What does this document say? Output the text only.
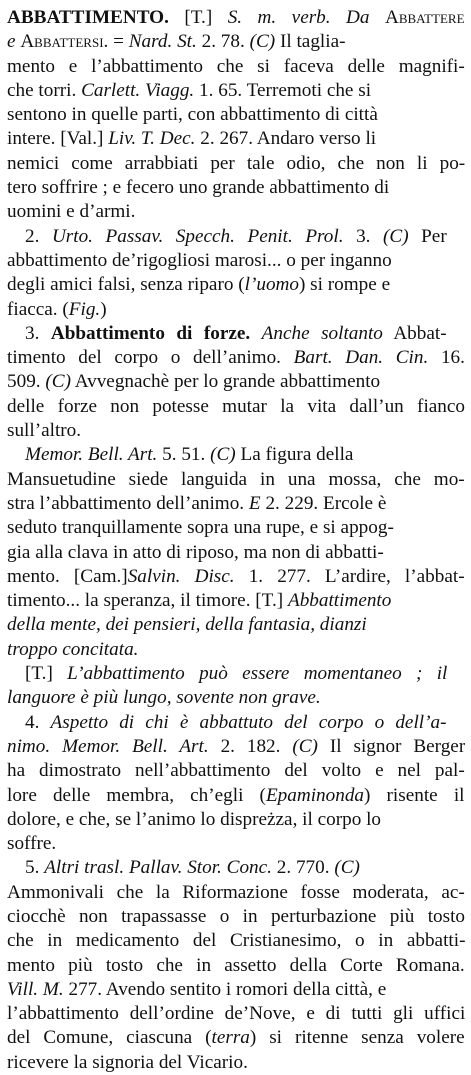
ABBATTIMENTO. [T.] S. m. verb. Da Abbattere
e Abbattersi. = Nard. St. 2. 78. (C) Il taglia-
mento e l’abbattimento che si faceva delle magnifi-
che torri. Carlett. Viagg. 1. 65. Terremoti che si
sentono in quelle parti, con abbattimento di città
intere. [Val.] Liv. T. Dec. 2. 267. Andaro verso li
nemici come arrabbiati per tale odio, che non li po-
tero soffrire ; e fecero uno grande abbattimento di
uomini e d’armi.
2. Urto. Passav. Specch. Penit. Prol. 3. (C) Per
abbattimento de’rigogliosi marosi... o per inganno
degli amici falsi, senza riparo (l’uomo) si rompe e
fiacca. (Fig.)
3. Abbattimento di forze. Anche soltanto Abbat-
timento del corpo o dell’animo. Bart. Dan. Cin. 16.
509. (C) Avvegnachè per lo grande abbattimento
delle forze non potesse mutar la vita dall’un fianco
sull’altro.
Memor. Bell. Art. 5. 51. (C) La figura della
Mansuetudine siede languida in una mossa, che mo-
stra l’abbattimento dell’animo. E 2. 229. Ercole è
seduto tranquillamente sopra una rupe, e si appog-
gia alla clava in atto di riposo, ma non di abbatti-
mento. [Cam.]Salvin. Disc. 1. 277. L’ardire, l’abbat-
timento... la speranza, il timore. [T.] Abbattimento
della mente, dei pensieri, della fantasia, dianzi
troppo concitata.
[T.] L’abbattimento può essere momentaneo ; il
languore è più lungo, sovente non grave.
4. Aspetto di chi è abbattuto del corpo o dell’a-
nimo. Memor. Bell. Art. 2. 182. (C) Il signor Berger
ha dimostrato nell’abbattimento del volto e nel pal-
lore delle membra, ch’egli (Epaminonda) risente il
dolore, e che, se l’animo lo dispreżza, il corpo lo
soffre.
5. Altri trasl. Pallav. Stor. Conc. 2. 770. (C)
Ammonivali che la Riformazione fosse moderata, ac-
ciocchè non trapassasse o in perturbazione più tosto
che in medicamento del Cristianesimo, o in abbatti-
mento più tosto che in assetto della Corte Romana.
Vill. M. 277. Avendo sentito i romori della città, e
l’abbattimento dell’ordine de’Nove, e di tutti gli uffici
del Comune, ciascuna (terra) si ritenne senza volere
ricevere la signoria del Vicario.
